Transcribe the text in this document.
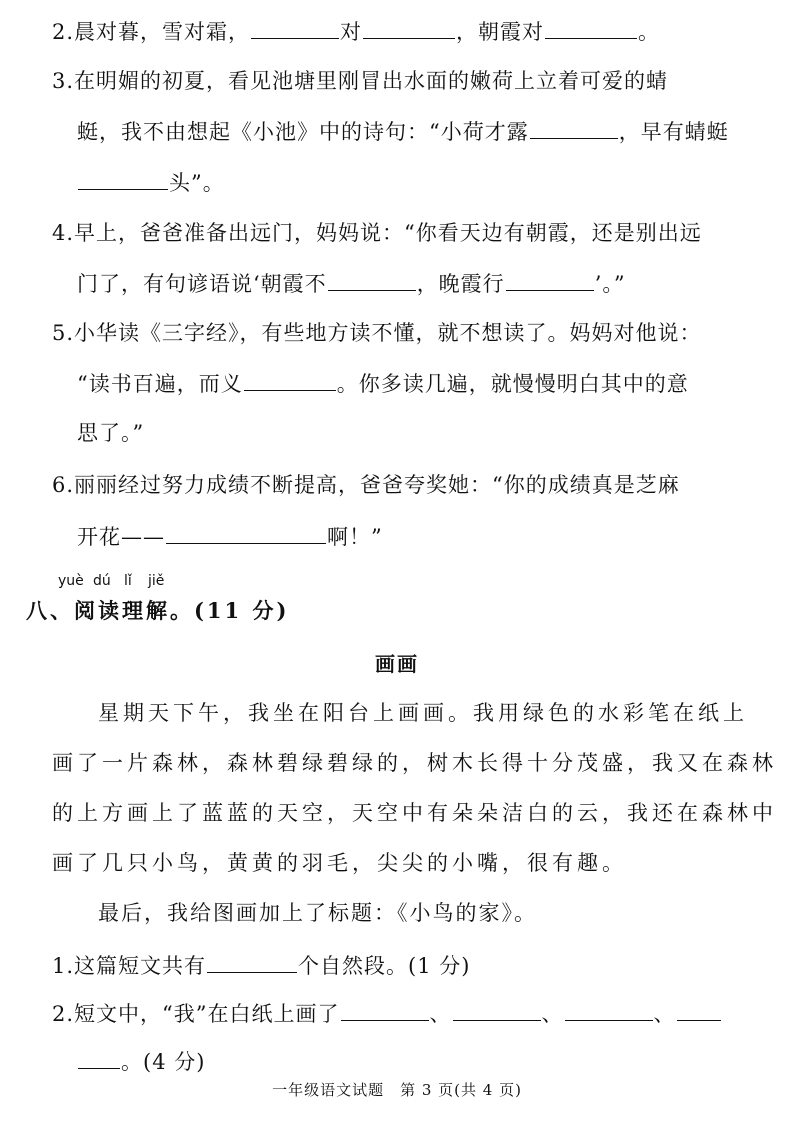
2.晨对暮，雪对霜，	对	，朝霞对	。
3.在明媚的初夏，看见池塘里刚冒出水面的嫩荷上立着可爱的蜻
蜓，我不由想起《小池》中的诗句：“小荷才露	，早有蜻蜓
头”。
4.早上，爸爸准备出远门，妈妈说：“你看天边有朝霞，还是别出远
门了，有句谚语说‘朝霞不	，晚霞行	’。”
5.小华读《三字经》，有些地方读不懂，就不想读了。妈妈对他说：
“读书百遍，而义	。你多读几遍，就慢慢明白其中的意
思了。”
6.丽丽经过努力成绩不断提高，爸爸夸奖她：“你的成绩真是芝麻
开花——	啊！”
yuè dú lǐ jiě
八、阅读理解。(11 分)
画画
星期天下午，我坐在阳台上画画。我用绿色的水彩笔在纸上
画了一片森林，森林碧绿碧绿的，树木长得十分茂盛，我又在森林
的上方画上了蓝蓝的天空，天空中有朵朵洁白的云，我还在森林中
画了几只小鸟，黄黄的羽毛，尖尖的小嘴，很有趣。
最后，我给图画加上了标题：《小鸟的家》。
1.这篇短文共有	个自然段。(1 分)
2.短文中，“我”在白纸上画了	、	、	、
。(4 分)
一年级语文试题　第 3 页(共 4 页)
